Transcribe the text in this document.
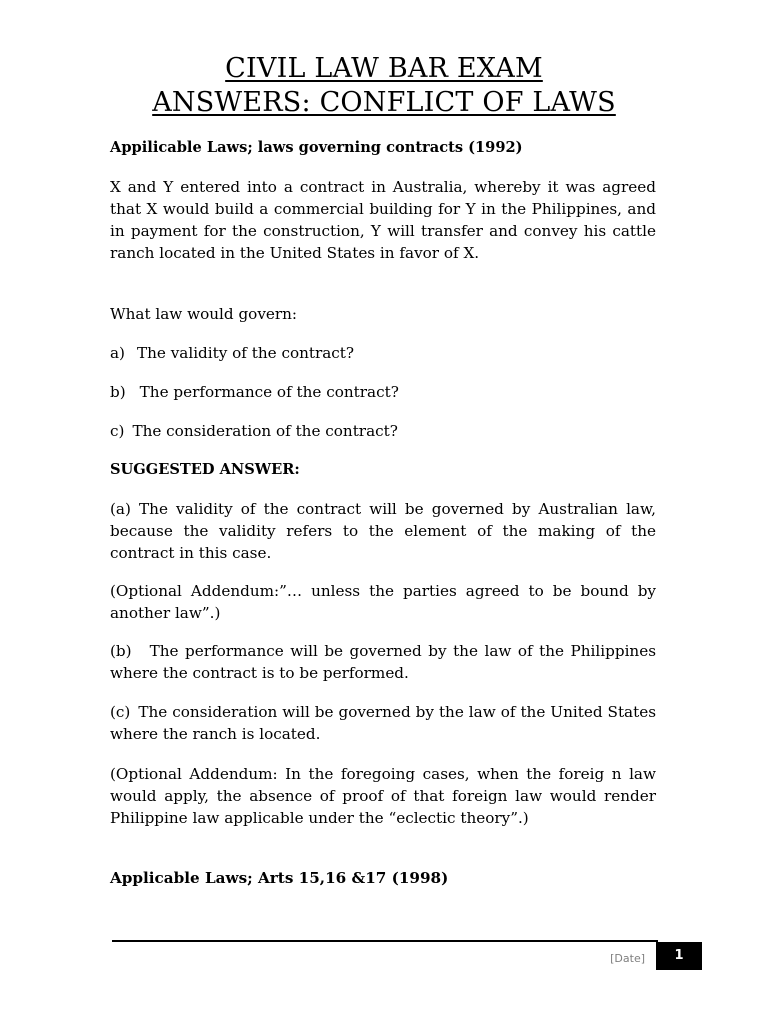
CIVIL LAW BAR EXAM
ANSWERS: CONFLICT OF LAWS

Appilicable Laws; laws governing contracts (1992)

X and Y entered into a contract in Australia, whereby it was agreed that X would build a commercial building for Y in the Philippines, and in payment for the construction, Y will transfer and convey his cattle ranch located in the United States in favor of X.

What law would govern:

a) The validity of the contract?

b) The performance of the contract?

c) The consideration of the contract?

SUGGESTED ANSWER:

(a) The validity of the contract will be governed by Australian law, because the validity refers to the element of the making of the contract in this case.

(Optional Addendum:”… unless the parties agreed to be bound by another law”.)

(b) The performance will be governed by the law of the Philippines where the contract is to be performed.

(c) The consideration will be governed by the law of the United States where the ranch is located.

(Optional Addendum: In the foregoing cases, when the foreig n law would apply, the absence of proof of that foreign law would render Philippine law applicable under the “eclectic theory”.)

Applicable Laws; Arts 15,16 &17 (1998)

[Date]	1
